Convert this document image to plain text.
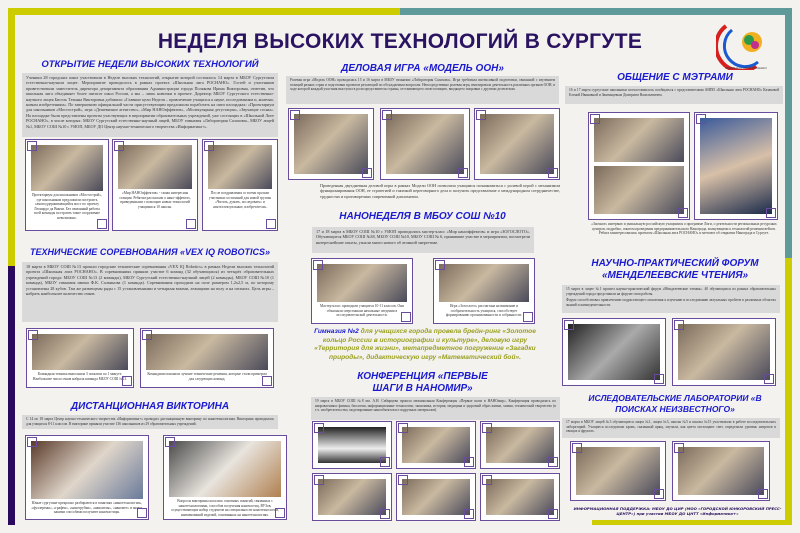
НЕДЕЛЯ ВЫСОКИХ ТЕХНОЛОГИЙ В СУРГУТЕ
ШКОЛЬНАЯ ЛИГА РОСНАНО
ОТКРЫТИЕ НЕДЕЛИ ВЫСОКИХ ТЕХНОЛОГИЙ
Ученики 28 городских школ участвовали в Неделе высоких технологий, открытие которой состоялось 14 марта в МБОУ Сургутском естественно-научном лицее. Мероприятие проводилось в рамках проекта «Школьная лига РОСНАНО». Гостей и участников приветствовали заместитель директора департамента образования Администрации города Полякова Ирина Викторовна, отметив, что школьная лига объединяет более пятисот школ России, а мы – лишь новички в проекте. Директор МБОУ Сургутского естественно-научного лицея Бисель Татьяна Викторовна добавила: «Главные цели Недели – привлечение учащихся к науке, исследованиям и, конечно, новым изобретениям». По завершению официальной части присутствующим предложили поработать на пяти площадках: «Проектариум для школьников «Мостострой», игра «Дешевизное агентство», «Мир НАНОэффектов», «Молекулярная дегустация», «Звучащие сосны». На площадке были представлены проекты участвующих в мероприятии образовательных учреждений, уже состоящих в «Школьной Лиге РОСНАНО», в числе которых: МБОУ Сургутский естественно-научный лицей, МБОУ гимназия «Лаборатория Салахова», МБОУ лицей №1, МБОУ СОШ №10 с УИОП, МБОУ ДО Центр научно-технического творчества «Информатика+».
Проектариум для школьников «Мостострой», где школьникам предложили построить самоподдерживающийся мост по проекту Леонардо да Винчи. Без связанный работы всей команды построить такое сооружение невозможно.
«Мир НАНОэффектов» - самая интересная станция. Ребятам рассказали о нано-эффектах, приведенными с помощью новых технологий учащимися 10 школы.
После поздравления со всеми прошли участники состязаний для новой группы «Читать, думать, исследовать» и «интеллектуальные, изобретатели».
ТЕХНИЧЕСКИЕ СОРЕВНОВАНИЯ «VEX IQ ROBOTICS»
18 марта в МБОУ СОШ №13 прошли городские технические соревнования «VEX IQ Robotics» в рамках Недели высоких технологий проекта «Школьная лига РОСНАНО». В соревнованиях приняли участие 6 команд (32 обучающихся) из четырёх образовательных учреждений города: МБОУ СОШ №13 (2 команды), МБОУ Сургутский естественно-научный лицей (2 команды), МБОУ СОШ №10 (1 команда), МБОУ гимназия имени Ф.К. Салманова (1 команда). Соревнования проходили на поле размером 1,2х2,5 м, по которому установлены 28 кубов. Там же размещены ряды с 15 установленными и четырьмя вазами, лежащими на полу и на штангах. Цель игры – набрать наибольшее количество очков.
Командная техника выполнила 3 попытки по 1 минуте. Наибольшее число очков набрала команда МБОУ СОШ №13.
Командами пояснили лучшие технические решения, которые стали примером для следующих команд.
ДИСТАНЦИОННАЯ ВИКТОРИНА
С 14 по 18 марта Центр научно-технического творчества «Информатика+» проводил дистанционную викторину по нанотехнологиям. Викторина проводилась для учащихся 8-11 классов. В викторине приняли участие 136 школьников из 29 образовательных учреждений.
Юные сургутяне прекрасно разбираются в понятиях «нанотехнологии», «фуллерены», «графен», «нанотрубки», «наноиглы», «наномет» и знают, какими способами получают наночастицы.
Вопросы викторины касались основных понятий, связанных с нанотехнологиями, способов получения наночастиц, ВУЗов, осуществляющих набор студентов на специальности нанотехнологий, наименований изделий, основанных на нанотехнологиях.
ДЕЛОВАЯ ИГРА «МОДЕЛЬ ООН»
Ролевая игра «Модель ООН» проводилась 15 и 16 марта в МБОУ гимназии «Лаборатория Салахова». Игра требовала интенсивной подготовки, связанной с изучением позиций разных стран и подготовки проектов резолюций по обсуждаемым вопросам. Непосредственно ролевая игра, имитировала деятельность различных органов ООН, в ходе которой каждый участник выступал в роли представителя страны, отстаивающего свою позицию, вводящего поправки с другими делегатами.
Проведенная двухдневная деловой игры в рамках Модели ООН позволила учащимся познакомиться с ролевой игрой с механизмом функционирования ООН, ее стратегией и тактикой переговорного дела и получить представление о международном сотрудничестве, трудностях и противоречиях современной дипломатии.
НАНОНЕДЕЛЯ В МБОУ СОШ №10
17 и 18 марта в МБОУ СОШ №10 с УИОП проводились мастер-класс «Мир нанoэффектов» и игра «ЗОГОСЛОТО». Обучающиеся МБОУ СОШ №38, МБОУ СОШ №10, МБОУ СОШ № 6, принявшие участие в мероприятии, посмотрели интереснейшие опыты, узнали много нового об атомной энергетике.
Мастер-класс проводили учащиеся 10-11 классов. Они объясняли сверстникам начальные сведения в исследовательской деятельности.
Игра «Зогослото» рассчитана на внимание и сообразительность учащихся, способствует формированию организованности и собранности.
Гимназия №2 для учащихся города провела брейн-ринг «Золотое кольцо России в историографии и культуре», деловую игру «Территория для жизни», метапредметное погружение «Загадки природы», дидактическую игру «Математический бой».
КОНФЕРЕНЦИЯ «ПЕРВЫЕ ШАГИ В НАНОМИР»
19 марта в МБОУ СОШ №8 им. А.Н. Сибирцева прошла межшкольная Конференция «Первые шаги в НАНОмир». Конференция проводилась по направлениям: физика, биология, информационные технологии, экономика, история, медицина и здоровый образ жизни, химия, технический творчество (в т.ч. изобретательство, моделирование нанообъектов из подручных материалов).
ОБЩЕНИЕ С МЭТРАМИ
16 и 17 марта сургутские школьники посчастливилось пообщаться с представителями АНПО «Школьная лига РОСНАНО» Казаковой Еленой Ивановной и Звягинцевым Дмитрием Васильевичем.
«Заочное» интервью и уникальную российскую учащимися о программе Лиги, о деятельности региональных ресурсных центров, подробно, опытом проведения предпринимательского Нанограда, волнующими к технологий решения вейсов. Ребята заинтересовались проектом «Школьная лига РОСНАНО» и мечтают об открытии Нанограда в Сургуте.
НАУЧНО-ПРАКТИЧЕСКИЙ ФОРУМ «МЕНДЕЛЕЕВСКИЕ ЧТЕНИЯ»
15 марта в лицее №1 прошел научно-практический форум «Менделеевские чтения». 40 обучающихся из разных образовательных учреждений города представили на форуме свои работы.
Форум способствовал привлечению подрастающего поколения к изучению и исследованию актуальных проблем в различных областях знаний и жизнедеятельности.
ИСЛЕДОВАТЕЛЬСКИЕ ЛАБОРАТОРИИ «В ПОИСКАХ НЕИЗВЕСТНОГО»
17 марта в МБОУ лицей №3 обучающиеся лицея №1, лицея №3, школы №5 и школы №15 участвовали в работе исследовательских лабораторий. Учащиеся исследовали кровь, сказанный ярящ, изучали, как цвета поглощают свет, определили уровень нитратов в овощах и фруктах.
ИНФОРМАЦИОННАЯ ПОДДЕРЖКА: МБОУ ДО ЦИР (МОО «ГОРОДСКОЙ ЮНКОРОВСКИЙ ПРЕСС-ЦЕНТР») при участии МБОУ ДО ЦНТТ «Информатика+»
